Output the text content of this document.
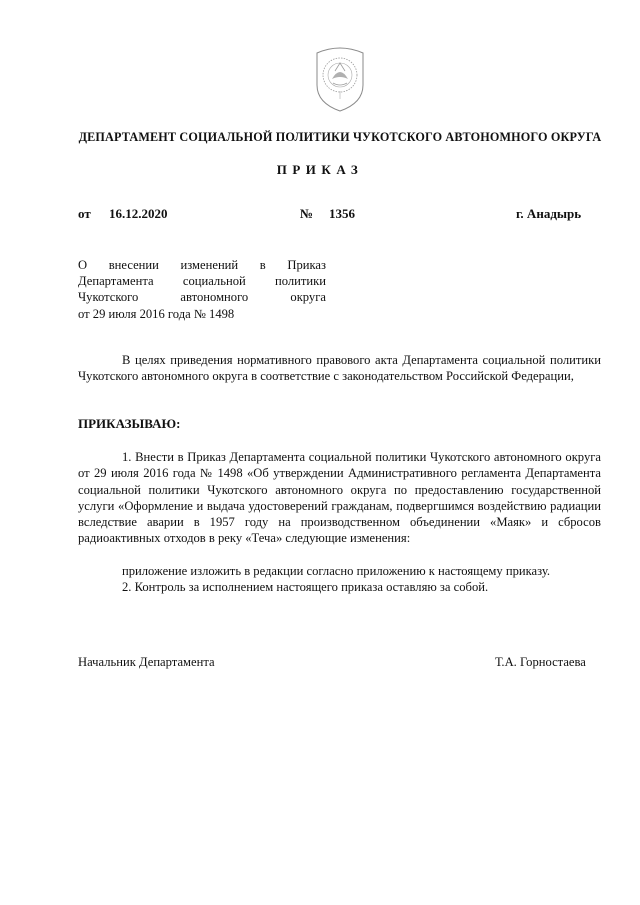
ДЕПАРТАМЕНТ СОЦИАЛЬНОЙ ПОЛИТИКИ ЧУКОТСКОГО АВТОНОМНОГО ОКРУГА
ПРИКАЗ
от 16.12.2020	№ 1356	г. Анадырь
О внесении изменений в Приказ
Департамента социальной политики
Чукотского	автономного	округа
от 29 июля 2016 года № 1498
В целях приведения нормативного правового акта Департамента социальной политики Чукотского автономного округа в соответствие с законодательством Российской Федерации,
ПРИКАЗЫВАЮ:
1. Внести в Приказ Департамента социальной политики Чукотского автономного округа от 29 июля 2016 года № 1498 «Об утверждении Административного регламента Департамента социальной политики Чукотского автономного округа по предоставлению государственной услуги «Оформление и выдача удостоверений гражданам, подвергшимся воздействию радиации вследствие аварии в 1957 году на производственном объединении «Маяк» и сбросов радиоактивных отходов в реку «Теча» следующие изменения:
приложение изложить в редакции согласно приложению к настоящему приказу.
2. Контроль за исполнением настоящего приказа оставляю за собой.
Начальник Департамента	Т.А. Горностаева
